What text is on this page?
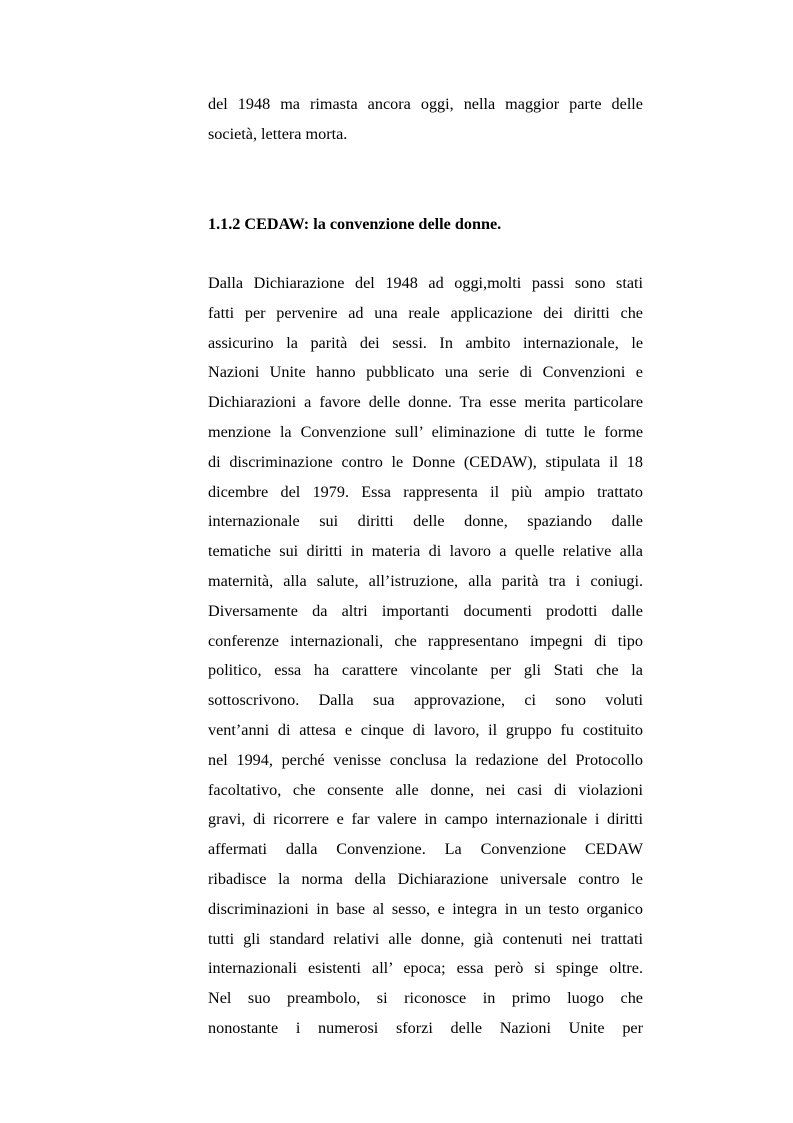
del 1948 ma rimasta ancora oggi, nella maggior parte delle
società, lettera morta.
1.1.2 CEDAW: la convenzione delle donne.
Dalla Dichiarazione del 1948 ad oggi,molti passi sono stati
fatti per pervenire ad una reale applicazione dei diritti che
assicurino la parità dei sessi. In ambito internazionale, le
Nazioni Unite hanno pubblicato una serie di Convenzioni e
Dichiarazioni a favore delle donne. Tra esse merita particolare
menzione la Convenzione sull’ eliminazione di tutte le forme
di discriminazione contro le Donne (CEDAW), stipulata il 18
dicembre del 1979. Essa rappresenta il più ampio trattato
internazionale sui diritti delle donne, spaziando dalle
tematiche sui diritti in materia di lavoro a quelle relative alla
maternità, alla salute, all’istruzione, alla parità tra i coniugi.
Diversamente da altri importanti documenti prodotti dalle
conferenze internazionali, che rappresentano impegni di tipo
politico, essa ha carattere vincolante per gli Stati che la
sottoscrivono. Dalla sua approvazione, ci sono voluti
vent’anni di attesa e cinque di lavoro, il gruppo fu costituito
nel 1994, perché venisse conclusa la redazione del Protocollo
facoltativo, che consente alle donne, nei casi di violazioni
gravi, di ricorrere e far valere in campo internazionale i diritti
affermati dalla Convenzione. La Convenzione CEDAW
ribadisce la norma della Dichiarazione universale contro le
discriminazioni in base al sesso, e integra in un testo organico
tutti gli standard relativi alle donne, già contenuti nei trattati
internazionali esistenti all’ epoca; essa però si spinge oltre.
Nel suo preambolo, si riconosce in primo luogo che
nonostante i numerosi sforzi delle Nazioni Unite per
